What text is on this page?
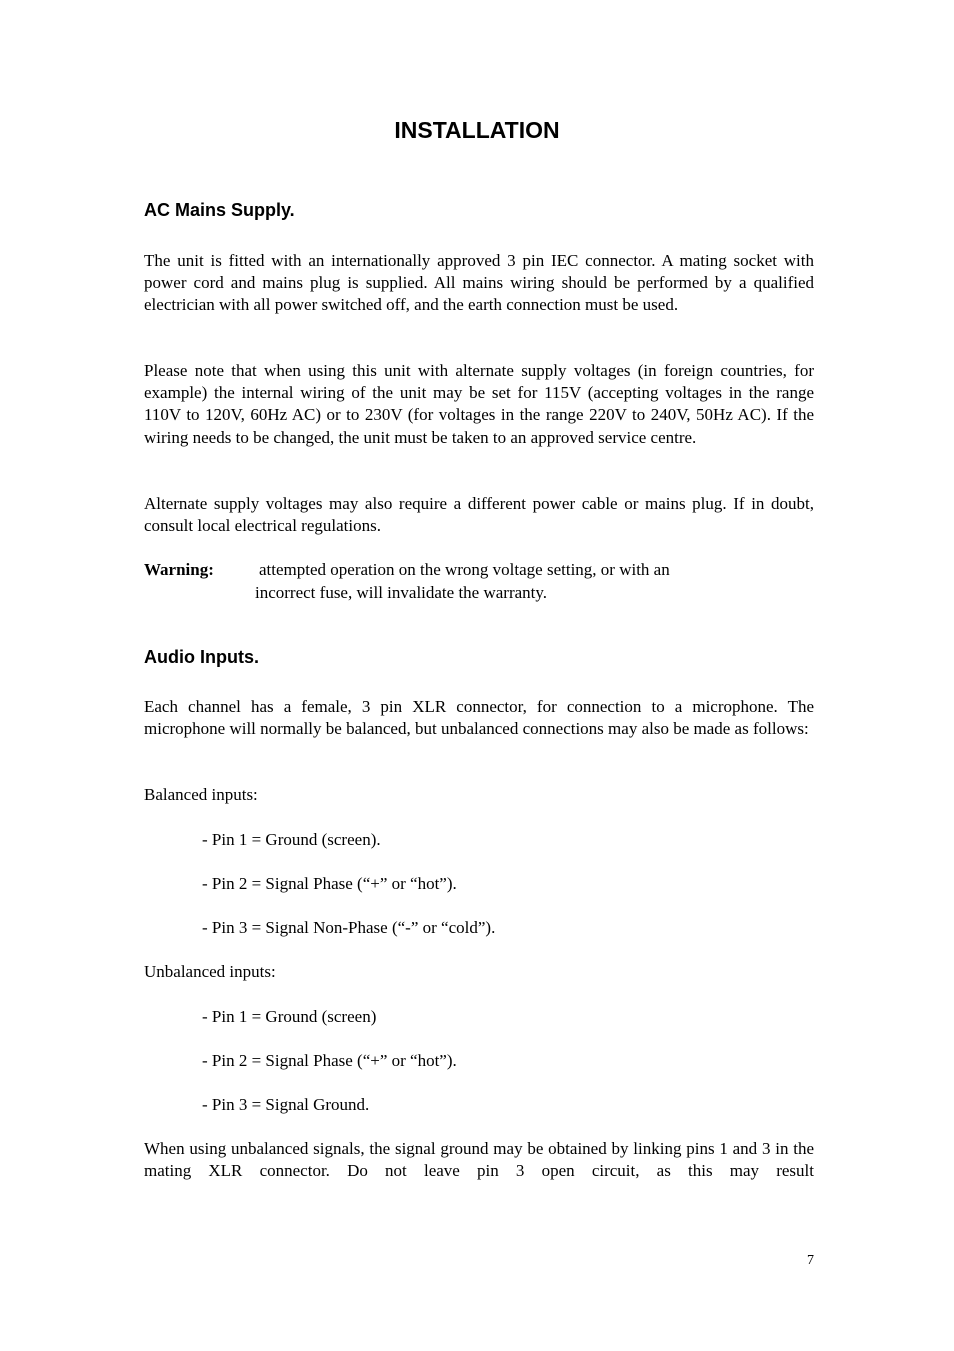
INSTALLATION
AC Mains Supply.

The unit is fitted with an internationally approved 3 pin IEC connector. A mating socket with power cord and mains plug is supplied. All mains wiring should be performed by a qualified electrician with all power switched off, and the earth connection must be used.

Please note that when using this unit with alternate supply voltages (in foreign countries, for example) the internal wiring of the unit may be set for 115V (accepting voltages in the range 110V to 120V, 60Hz AC) or to 230V (for voltages in the range 220V to 240V, 50Hz AC). If the wiring needs to be changed, the unit must be taken to an approved service centre.

Alternate supply voltages may also require a different power cable or mains plug. If in doubt, consult local electrical regulations.

Warning:	attempted operation on the wrong voltage setting, or with an
incorrect fuse, will invalidate the warranty.
Audio Inputs.

Each channel has a female, 3 pin XLR connector, for connection to a microphone. The microphone will normally be balanced, but unbalanced connections may also be made as follows:

Balanced inputs:
- Pin 1 = Ground (screen).
- Pin 2 = Signal Phase (“+” or “hot”).
- Pin 3 = Signal Non-Phase (“-” or “cold”).
Unbalanced inputs:
- Pin 1 = Ground (screen)
- Pin 2 = Signal Phase (“+” or “hot”).
- Pin 3 = Signal Ground.

When using unbalanced signals, the signal ground may be obtained by linking pins 1 and 3 in the mating XLR connector. Do not leave pin 3 open circuit, as this may result

7
